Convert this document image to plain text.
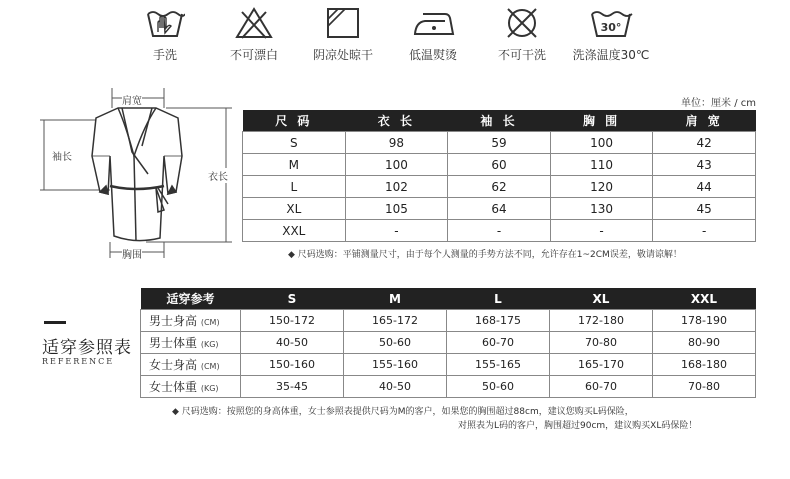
手洗	不可漂白	阴凉处晾干	低温熨烫	不可干洗
30°
洗涤温度30℃
单位：厘米 / cm
肩宽
袖长
衣长
胸围
尺 码	衣 长	袖 长	胸 围	肩 宽
S	98	59	100	42
M	100	60	110	43
L	102	62	120	44
XL	105	64	130	45
XXL	-	-	-	-
◆ 尺码选购：平铺测量尺寸，由于每个人测量的手势方法不同，允许存在1~2CM误差，敬请谅解！
适穿参照表
REFERENCE
适穿参考	S	M	L	XL	XXL
男士身高 (CM)	150-172	165-172	168-175	172-180	178-190
男士体重 (KG)	40-50	50-60	60-70	70-80	80-90
女士身高 (CM)	150-160	155-160	155-165	165-170	168-180
女士体重 (KG)	35-45	40-50	50-60	60-70	70-80
◆ 尺码选购：按照您的身高体重，女士参照表提供尺码为M的客户，如果您的胸围超过88cm，建议您购买L码保险，
对照表为L码的客户，胸围超过90cm，建议购买XL码保险！
